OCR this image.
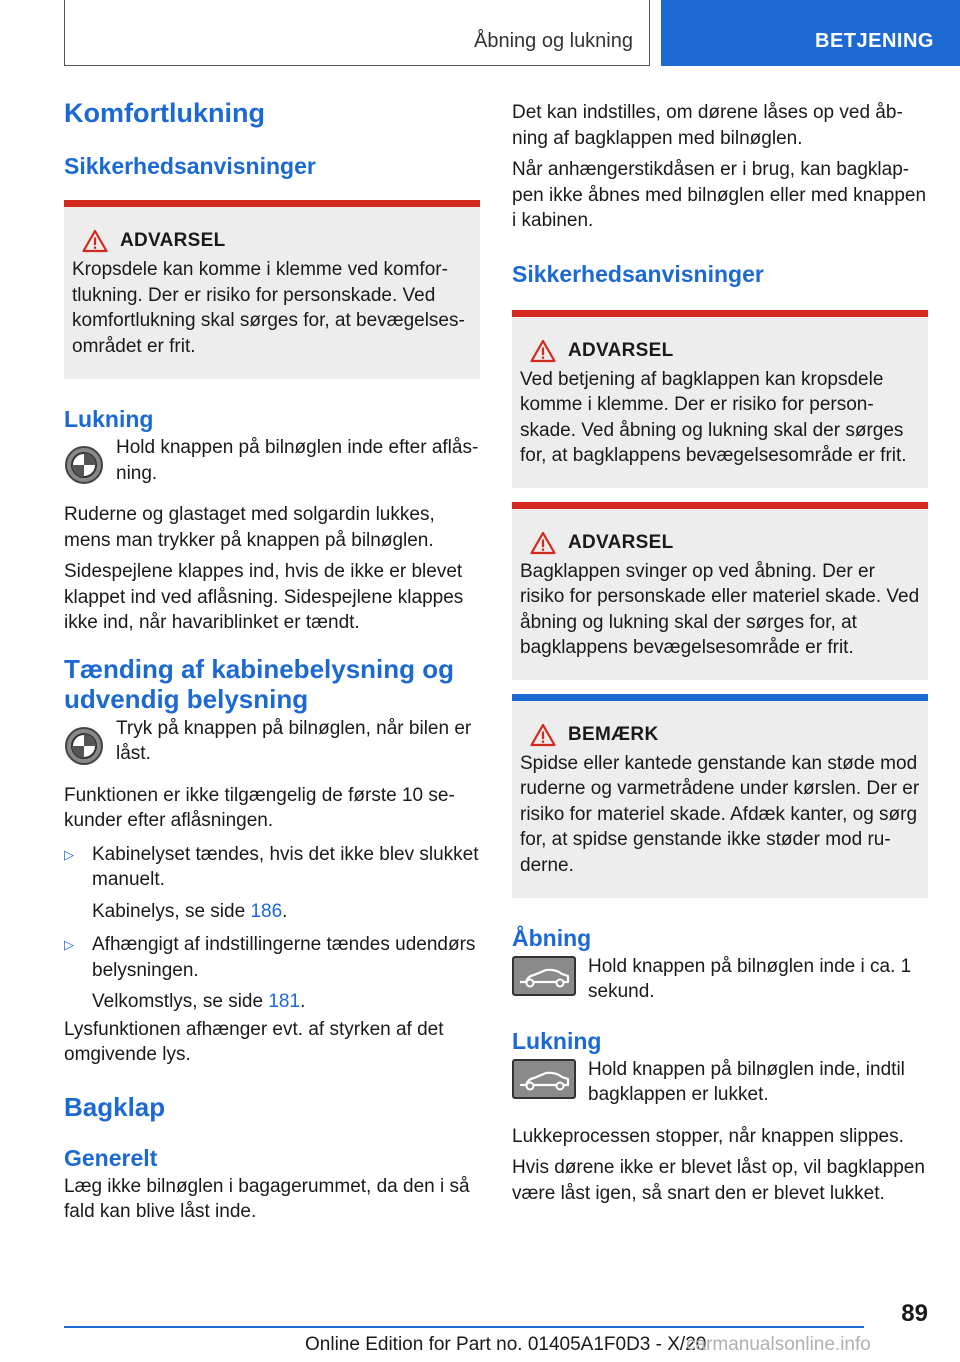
Åbning og lukning	BETJENING
Komfortlukning
Sikkerhedsanvisninger
ADVARSEL

Kropsdele kan komme i klemme ved komfortlukning. Der er risiko for personskade. Ved komfortlukning skal sørges for, at bevægelsesområdet er frit.

Lukning

Hold knappen på bilnøglen inde efter aflåsning.

Ruderne og glastaget med solgardin lukkes, mens man trykker på knappen på bilnøglen.

Sidespejlene klappes ind, hvis de ikke er blevet klappet ind ved aflåsning. Sidespejlene klappes ikke ind, når havariblinket er tændt.

Tænding af kabinebelysning og udvendig belysning

Tryk på knappen på bilnøglen, når bilen er låst.

Funktionen er ikke tilgængelig de første 10 sekunder efter aflåsningen.

▷ Kabinelyset tændes, hvis det ikke blev slukket manuelt.

Kabinelys, se side 186.

▷ Afhængigt af indstillingerne tændes udendørs belysningen.

Velkomstlys, se side 181.

Lysfunktionen afhænger evt. af styrken af det omgivende lys.

Bagklap
Generelt

Læg ikke bilnøglen i bagagerummet, da den i så fald kan blive låst inde.

Det kan indstilles, om dørene låses op ved åbning af bagklappen med bilnøglen.

Når anhængerstikdåsen er i brug, kan bagklappen ikke åbnes med bilnøglen eller med knappen i kabinen.

Sikkerhedsanvisninger
ADVARSEL

Ved betjening af bagklappen kan kropsdele komme i klemme. Der er risiko for personskade. Ved åbning og lukning skal der sørges for, at bagklappens bevægelsesområde er frit.

ADVARSEL

Bagklappen svinger op ved åbning. Der er risiko for personskade eller materiel skade. Ved åbning og lukning skal der sørges for, at bagklappens bevægelsesområde er frit.

BEMÆRK

Spidse eller kantede genstande kan støde mod ruderne og varmetrådene under kørslen. Der er risiko for materiel skade. Afdæk kanter, og sørg for, at spidse genstande ikke støder mod ruderne.

Åbning

Hold knappen på bilnøglen inde i ca. 1 sekund.

Lukning

Hold knappen på bilnøglen inde, indtil bagklappen er lukket.

Lukkeprocessen stopper, når knappen slippes.

Hvis dørene ikke er blevet låst op, vil bagklappen være låst igen, så snart den er blevet lukket.

89
Online Edition for Part no. 01405A1F0D3 - X/20
carmanualsonline.info
